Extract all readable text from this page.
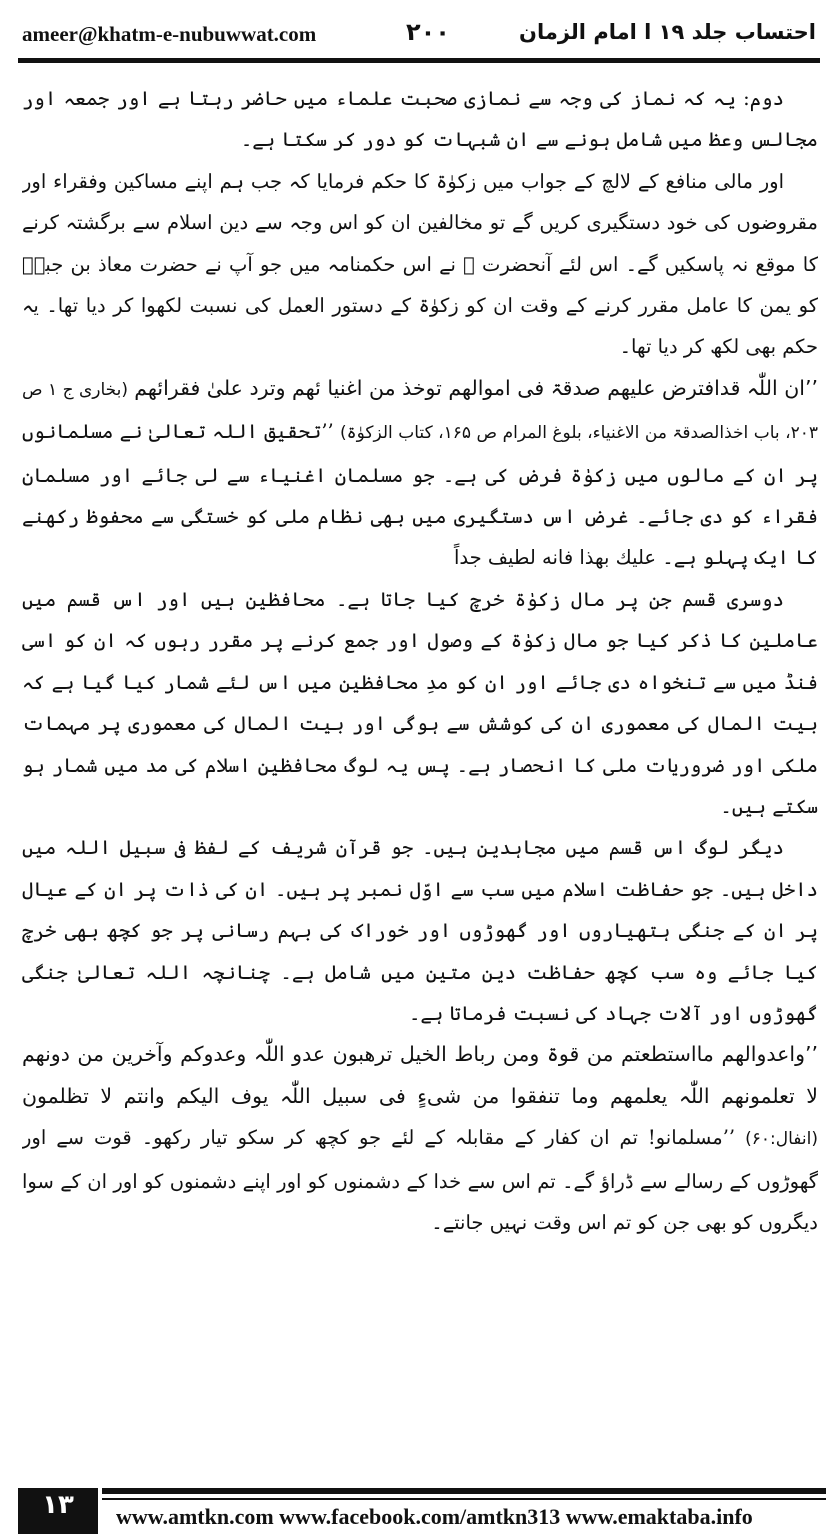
ameer@khatm-e-nubuwwat.com	۲۰۰	احتساب جلد ۱۹ ا امام الزمان

دوم: یہ کہ نماز کی وجہ سے نمازی صحبت علماء میں حاضر رہتا ہے اور جمعہ اور مجالس وعظ میں شامل ہونے سے ان شبہات کو دور کر سکتا ہے۔

اور مالی منافع کے لالچ کے جواب میں زکوٰۃ کا حکم فرمایا کہ جب ہم اپنے مساکین وفقراء اور مقروضوں کی خود دستگیری کریں گے تو مخالفین ان کو اس وجہ سے دین اسلام سے برگشتہ کرنے کا موقع نہ پاسکیں گے۔ اس لئے آنحضرت ﷺ نے اس حکمنامہ میں جو آپ نے حضرت معاذ بن جبلؓ کو یمن کا عامل مقرر کرنے کے وقت ان کو زکوٰۃ کے دستور العمل کی نسبت لکھوا کر دیا تھا۔ یہ حکم بھی لکھ کر دیا تھا۔

’’ان اللّٰہ قدافترض علیھم صدقۃ فی اموالھم توخذ من اغنیا ئھم وترد علیٰ فقرائھم (بخاری ج ۱ ص ۲۰۳، باب اخذالصدقۃ من الاغنیاء، بلوغ المرام ص ۱۶۵، کتاب الزکوٰۃ) ’’تحقیق اللہ تعالیٰ نے مسلمانوں پر ان کے مالوں میں زکوٰۃ فرض کی ہے۔ جو مسلمان اغنیاء سے لی جائے اور مسلمان فقراء کو دی جائے۔ غرض اس دستگیری میں بھی نظام ملی کو خستگی سے محفوظ رکھنے کا ایک پہلو ہے۔ علیك بھذا فانه لطیف جداً

دوسری قسم جن پر مال زکوٰۃ خرچ کیا جاتا ہے۔ محافظین ہیں اور اس قسم میں عاملین کا ذکر کیا جو مال زکوٰۃ کے وصول اور جمع کرنے پر مقرر رہوں کہ ان کو اسی فنڈ میں سے تنخواہ دی جائے اور ان کو مدِ محافظین میں اس لئے شمار کیا گیا ہے کہ بیت المال کی معموری ان کی کوشش سے ہوگی اور بیت المال کی معموری پر مہمات ملکی اور ضروریات ملی کا انحصار ہے۔ پس یہ لوگ محافظین اسلام کی مد میں شمار ہو سکتے ہیں۔

دیگر لوگ اس قسم میں مجاہدین ہیں۔ جو قرآن شریف کے لفظ فی سبیل اللہ میں داخل ہیں۔ جو حفاظت اسلام میں سب سے اوّل نمبر پر ہیں۔ ان کی ذات پر ان کے عیال پر ان کے جنگی ہتھیاروں اور گھوڑوں اور خوراک کی بہم رسانی پر جو کچھ بھی خرچ کیا جائے وہ سب کچھ حفاظت دین متین میں شامل ہے۔ چنانچہ اللہ تعالیٰ جنگی گھوڑوں اور آلات جہاد کی نسبت فرماتا ہے۔

’’واعدوالھم مااستطعتم من قوۃ ومن رباط الخیل ترھبون عدو اللّٰہ وعدوکم وآخرین من دونھم لا تعلمونھم اللّٰہ یعلمھم وما تنفقوا من شیءٍ فی سبیل اللّٰہ یوف الیکم وانتم لا تظلمون (انفال:۶۰) ’’مسلمانو! تم ان کفار کے مقابلہ کے لئے جو کچھ کر سکو تیار رکھو۔ قوت سے اور گھوڑوں کے رسالے سے ڈراؤ گے۔ تم اس سے خدا کے دشمنوں کو اور اپنے دشمنوں کو اور ان کے سوا دیگروں کو بھی جن کو تم اس وقت نہیں جانتے۔

۱۳	www.amtkn.com www.facebook.com/amtkn313 www.emaktaba.info
